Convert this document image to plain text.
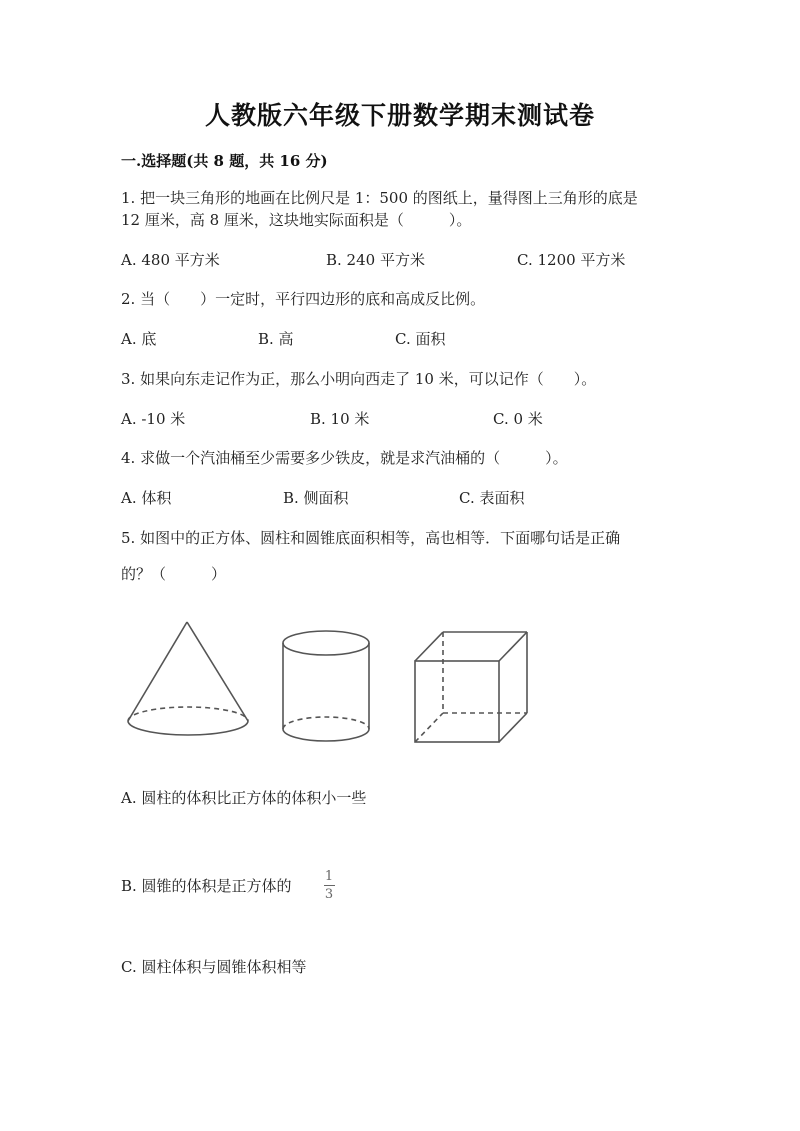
人教版六年级下册数学期末测试卷
一.选择题(共 8 题，共 16 分)
1. 把一块三角形的地画在比例尺是 1：500 的图纸上，量得图上三角形的底是
12 厘米，高 8 厘米，这块地实际面积是（　　　）。
A. 480 平方米	B. 240 平方米	C. 1200 平方米
2. 当（　　）一定时，平行四边形的底和高成反比例。
A. 底	B. 高	C. 面积
3. 如果向东走记作为正，那么小明向西走了 10 米，可以记作（　　）。
A. -10 米	B. 10 米	C. 0 米
4. 求做一个汽油桶至少需要多少铁皮，就是求汽油桶的（　　　）。
A. 体积	B. 侧面积	C. 表面积
5. 如图中的正方体、圆柱和圆锥底面积相等，高也相等．下面哪句话是正确
的？（　　　）
A. 圆柱的体积比正方体的体积小一些
B. 圆锥的体积是正方体的
1
3
C. 圆柱体积与圆锥体积相等
